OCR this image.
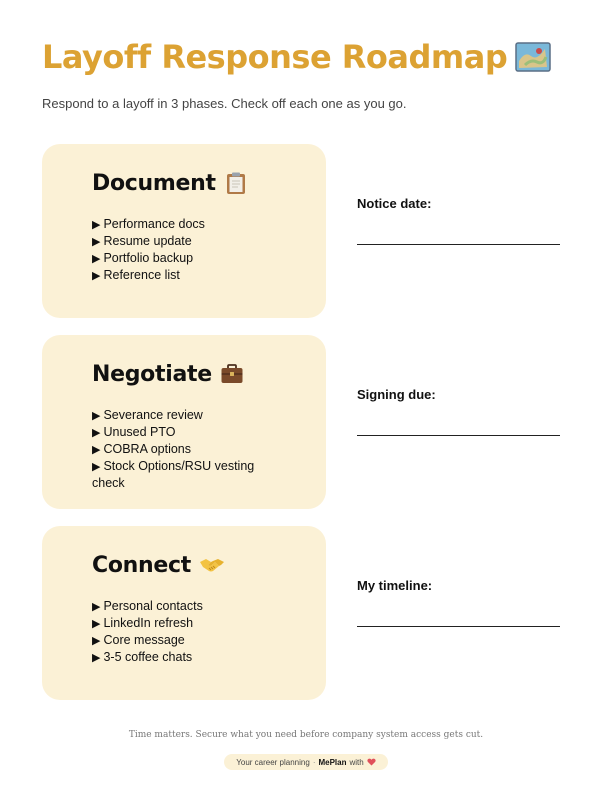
Layoff Response Roadmap

Respond to a layoff in 3 phases. Check off each one as you go.

Document
▶ Performance docs
▶ Resume update
▶ Portfolio backup
▶ Reference list
Notice date:
Negotiate
▶ Severance review
▶ Unused PTO
▶ COBRA options
▶ Stock Options/RSU vesting check
Signing due:
Connect
▶ Personal contacts
▶ LinkedIn refresh
▶ Core message
▶ 3-5 coffee chats
My timeline:
Time matters. Secure what you need before company system access gets cut.
Your career planning · MePlan with
